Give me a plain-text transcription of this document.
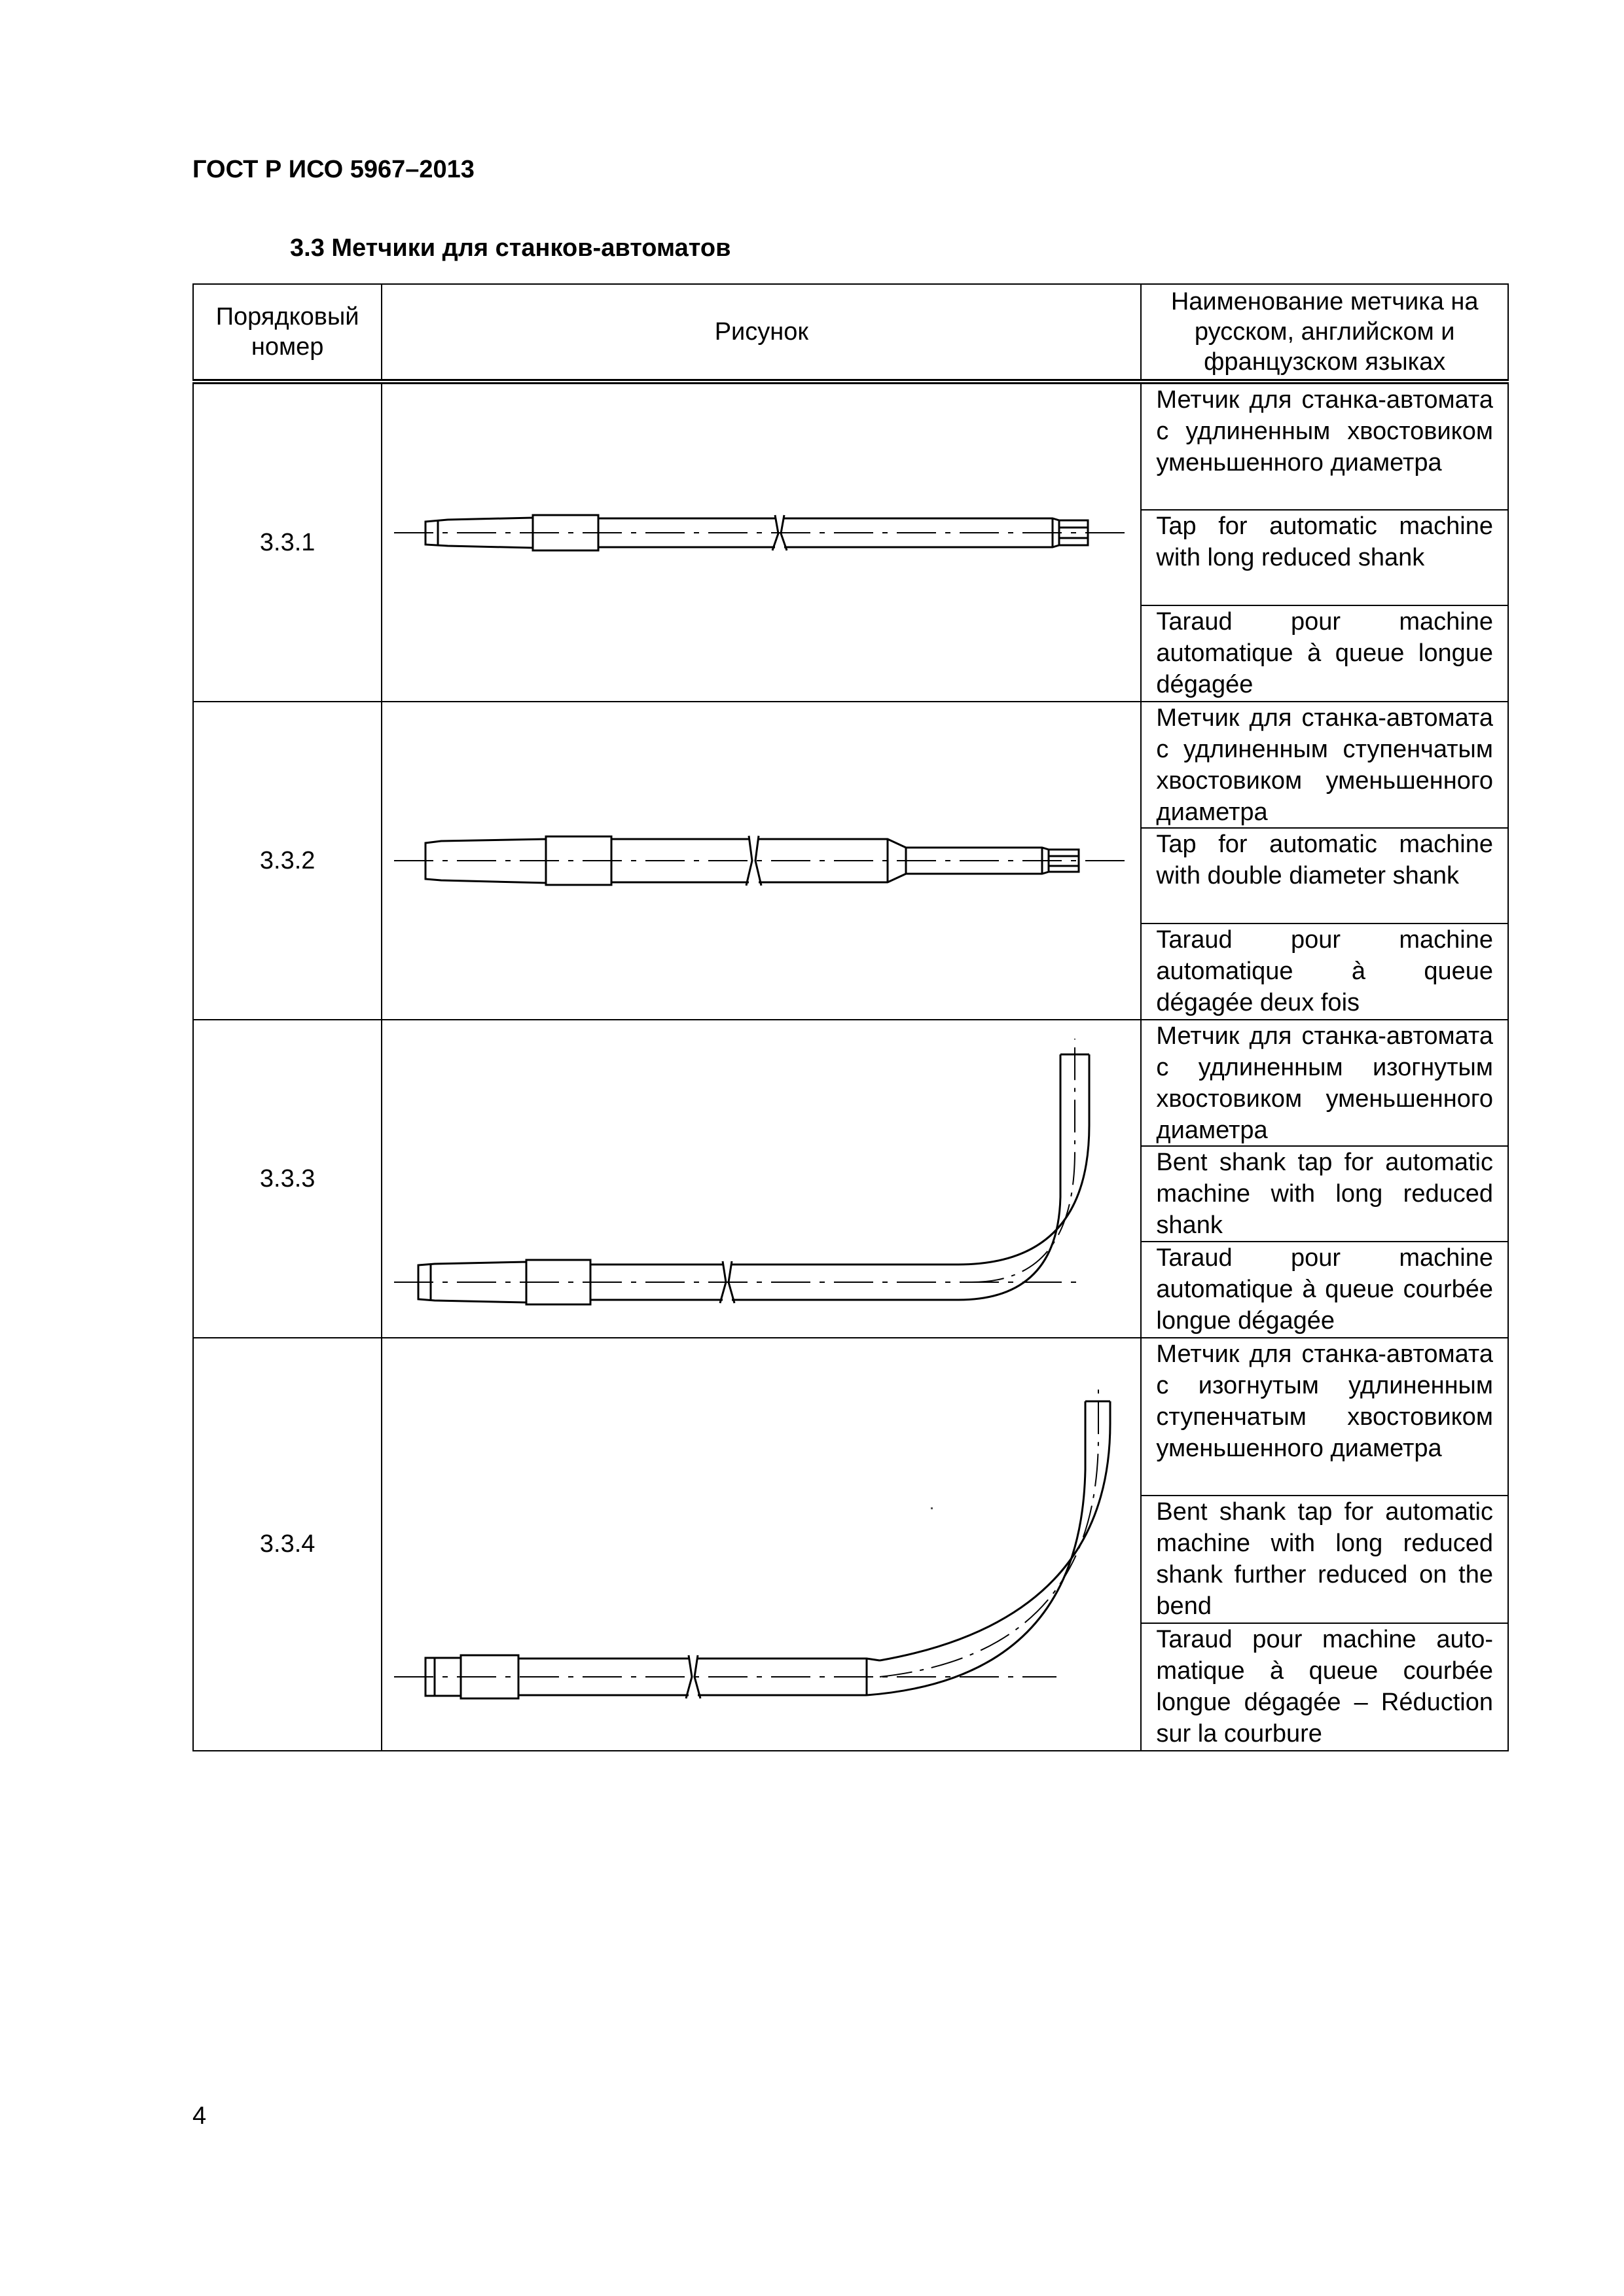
ГОСТ Р ИСО 5967–2013
3.3 Метчики для станков-автоматов
Порядковый номер	Рисунок	Наименование метчика на русском, английском и французском языках
3.3.1		Метчик для станка-автомата с удлиненным хвостовиком уменьшенного диаметра

Tap for automatic machine with long reduced shank

Taraud pour machine automatique à queue longue dégagée

3.3.2		Метчик для станка-автомата с удлиненным ступенчатым хвостовиком уменьшенного диаметра

Tap for automatic machine with double diameter shank

Taraud pour machine automatique à queue dégagée deux fois

3.3.3		Метчик для станка-автомата с удлиненным изогнутым хвостовиком уменьшенного диаметра

Bent shank tap for automatic machine with long reduced shank

Taraud pour machine automatique à queue courbée longue dégagée

3.3.4		Метчик для станка-автомата с изогнутым удлиненным ступенчатым хвостовиком уменьшенного диаметра

Bent shank tap for automatic machine with long reduced shank further reduced on the bend

Taraud pour machine auto-matique à queue courbée longue dégagée – Réduction sur la courbure

4
